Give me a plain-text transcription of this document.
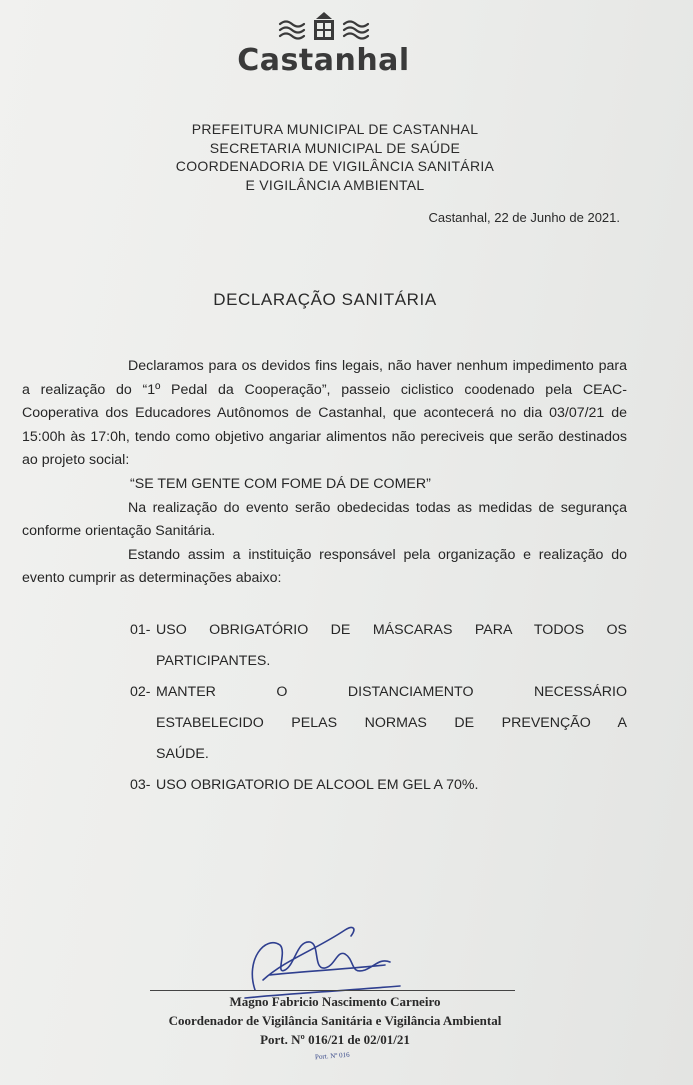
Castanhal
PREFEITURA MUNICIPAL DE CASTANHAL
SECRETARIA MUNICIPAL DE SAÚDE
COORDENADORIA DE VIGILÂNCIA SANITÁRIA
E VIGILÂNCIA AMBIENTAL
Castanhal, 22 de Junho de 2021.
DECLARAÇÃO SANITÁRIA

Declaramos para os devidos fins legais, não haver nenhum impedimento para a realização do “1º Pedal da Cooperação”, passeio ciclistico coodenado pela CEAC-Cooperativa dos Educadores Autônomos de Castanhal, que acontecerá no dia 03/07/21 de 15:00h às 17:0h, tendo como objetivo angariar alimentos não pereciveis que serão destinados ao projeto social:

“SE TEM GENTE COM FOME DÁ DE COMER”

Na realização do evento serão obedecidas todas as medidas de segurança conforme orientação Sanitária.

Estando assim a instituição responsável pela organização e realização do evento cumprir as determinações abaixo:

01- USO OBRIGATÓRIO DE MÁSCARAS PARA TODOS OS
PARTICIPANTES.
02- MANTER O DISTANCIAMENTO NECESSÁRIO
ESTABELECIDO PELAS NORMAS DE PREVENÇÃO A
SAÚDE.
03- USO OBRIGATORIO DE ALCOOL EM GEL A 70%.
Magno Fabricio Nascimento Carneiro
Coordenador de Vigilância Sanitária e Vigilância Ambiental
Port. Nº 016/21 de 02/01/21
Port. Nº 016
